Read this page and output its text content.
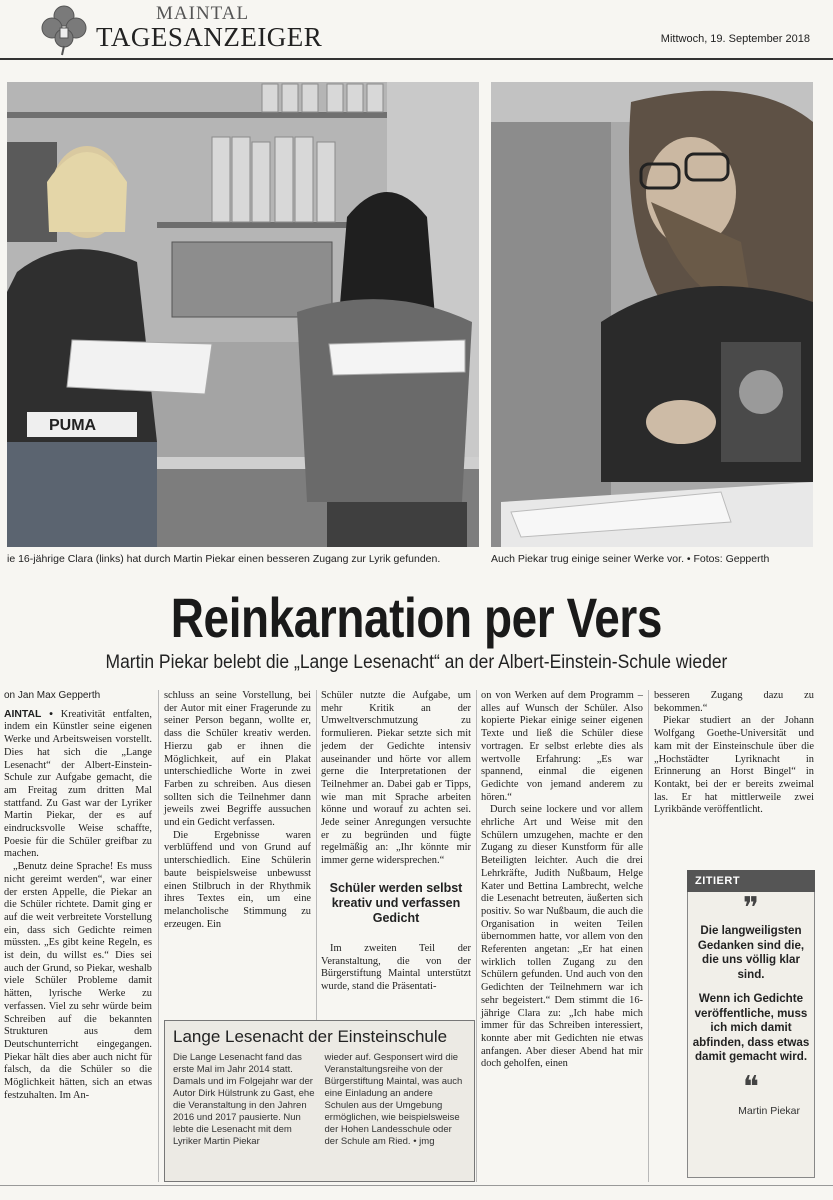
MAINTAL
TAGESANZEIGER	Mittwoch, 19. September 2018
PUMA
ie 16-jährige Clara (links) hat durch Martin Piekar einen besseren Zugang zur Lyrik gefunden.	Auch Piekar trug einige seiner Werke vor. • Fotos: Gepperth
Reinkarnation per Vers
Martin Piekar belebt die „Lange Lesenacht“ an der Albert-Einstein-Schule wieder
on Jan Max Gepperth

AINTAL • Kreativität entfalten, indem ein Künstler seine eigenen Werke und Arbeitsweisen vorstellt. Dies hat sich die „Lange Lesenacht“ der Albert-Einstein-Schule zur Aufgabe gemacht, die am Freitag zum dritten Mal stattfand. Zu Gast war der Lyriker Martin Piekar, der es auf eindrucksvolle Weise schaffte, Poesie für die Schüler greifbar zu machen.

„Benutz deine Sprache! Es muss nicht gereimt werden“, war einer der ersten Appelle, die Piekar an die Schüler richtete. Damit ging er auf die weit verbreitete Vorstellung ein, dass sich Gedichte reimen müssten. „Es gibt keine Regeln, es ist dein, du willst es.“ Dies sei auch der Grund, so Piekar, weshalb viele Schüler Probleme damit hätten, lyrische Werke zu verfassen. Viel zu sehr würde beim Schreiben auf die bekannten Strukturen aus dem Deutschunterricht eingegangen. Piekar hält dies aber auch nicht für falsch, da die Schüler so die Möglichkeit hätten, sich an etwas festzuhalten. Im An-

schluss an seine Vorstellung, bei der Autor mit einer Fragerunde zu seiner Person begann, wollte er, dass die Schüler kreativ werden. Hierzu gab er ihnen die Möglichkeit, auf ein Plakat unterschiedliche Worte in zwei Farben zu schreiben. Aus diesen sollten sich die Teilnehmer dann jeweils zwei Begriffe aussuchen und ein Gedicht verfassen.

Die Ergebnisse waren verblüffend und von Grund auf unterschiedlich. Eine Schülerin baute beispielsweise unbewusst einen Stilbruch in der Rhythmik ihres Textes ein, um eine melancholische Stimmung zu erzeugen. Ein

Schüler nutzte die Aufgabe, um mehr Kritik an der Umweltverschmutzung zu formulieren. Piekar setzte sich mit jedem der Gedichte intensiv auseinander und hörte vor allem gerne die Interpretationen der Teilnehmer an. Dabei gab er Tipps, wie man mit Sprache arbeiten könne und worauf zu achten sei. Jede seiner Anregungen versuchte er zu begründen und fügte regelmäßig an: „Ihr könnte mir immer gerne widersprechen.“

Schüler werden selbst kreativ und verfassen Gedicht

Im zweiten Teil der Veranstaltung, die von der Bürgerstiftung Maintal unterstützt wurde, stand die Präsentati-

on von Werken auf dem Programm – alles auf Wunsch der Schüler. Also kopierte Piekar einige seiner eigenen Texte und ließ die Schüler diese vortragen. Er selbst erlebte dies als wertvolle Erfahrung: „Es war spannend, einmal die eigenen Gedichte von jemand anderem zu hören.“

Durch seine lockere und vor allem ehrliche Art und Weise mit den Schülern umzugehen, machte er den Zugang zu dieser Kunstform für alle Beteiligten leichter. Auch die drei Lehrkräfte, Judith Nußbaum, Helge Kater und Bettina Lambrecht, welche die Lesenacht betreuten, äußerten sich positiv. So war Nußbaum, die auch die Organisation in weiten Teilen übernommen hatte, vor allem von den Referenten angetan: „Er hat einen wirklich tollen Zugang zu den Schülern gefunden. Und auch von den Gedichten der Teilnehmern war ich sehr begeistert.“ Dem stimmt die 16-jährige Clara zu: „Ich habe mich immer für das Schreiben interessiert, konnte aber mit Gedichten nie etwas anfangen. Aber dieser Abend hat mir doch geholfen, einen

besseren Zugang dazu zu bekommen.“

Piekar studiert an der Johann Wolfgang Goethe-Universität und kam mit der Einsteinschule über die „Hochstädter Lyriknacht in Erinnerung an Horst Bingel“ in Kontakt, bei der er bereits zweimal las. Er hat mittlerweile zwei Lyrikbände veröffentlicht.

Lange Lesenacht der Einsteinschule
Die Lange Lesenacht fand das erste Mal im Jahr 2014 statt. Damals und im Folgejahr war der Autor Dirk Hülstrunk zu Gast, ehe die Veranstaltung in den Jahren 2016 und 2017 pausierte. Nun lebte die Lesenacht mit dem Lyriker Martin Piekar
wieder auf. Gesponsert wird die Veranstaltungsreihe von der Bürgerstiftung Maintal, was auch eine Einladung an andere Schulen aus der Umgebung ermöglichen, wie beispielsweise der Hohen Landesschule oder der Schule am Ried. • jmg
ZITIERT
❞
Die langweiligsten Gedanken sind die, die uns völlig klar sind.
Wenn ich Gedichte veröffentliche, muss ich mich damit abfinden, dass etwas damit gemacht wird.
❝
Martin Piekar
